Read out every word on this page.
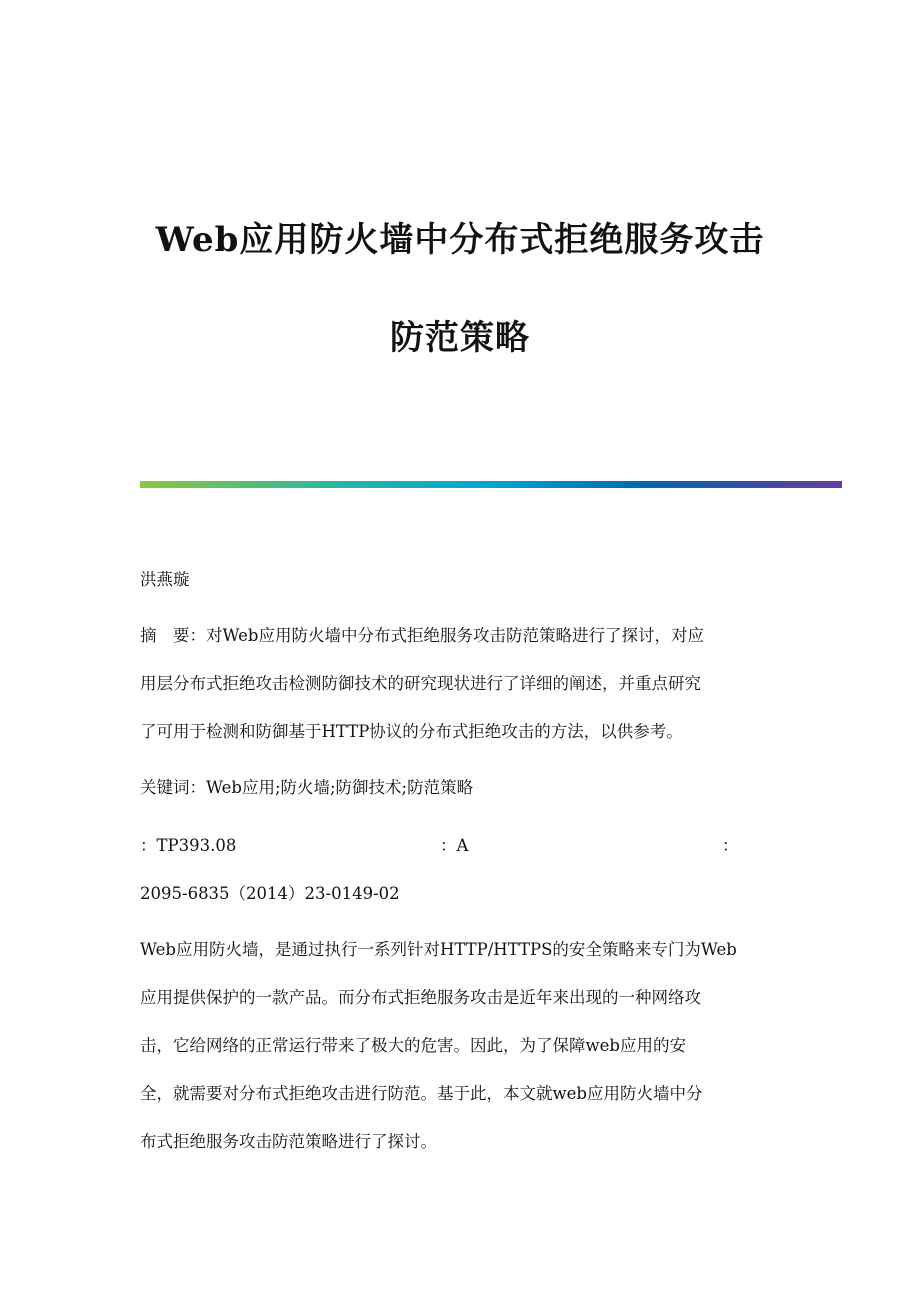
Web应用防火墙中分布式拒绝服务攻击
防范策略
洪燕璇
摘　要：对Web应用防火墙中分布式拒绝服务攻击防范策略进行了探讨，对应
用层分布式拒绝攻击检测防御技术的研究现状进行了详细的阐述，并重点研究
了可用于检测和防御基于HTTP协议的分布式拒绝攻击的方法，以供参考。
关键词：Web应用;防火墙;防御技术;防范策略
：TP393.08	：A	：
2095-6835（2014）23-0149-02
Web应用防火墙，是通过执行一系列针对HTTP/HTTPS的安全策略来专门为Web
应用提供保护的一款产品。而分布式拒绝服务攻击是近年来出现的一种网络攻
击，它给网络的正常运行带来了极大的危害。因此，为了保障web应用的安
全，就需要对分布式拒绝攻击进行防范。基于此，本文就web应用防火墙中分
布式拒绝服务攻击防范策略进行了探讨。
